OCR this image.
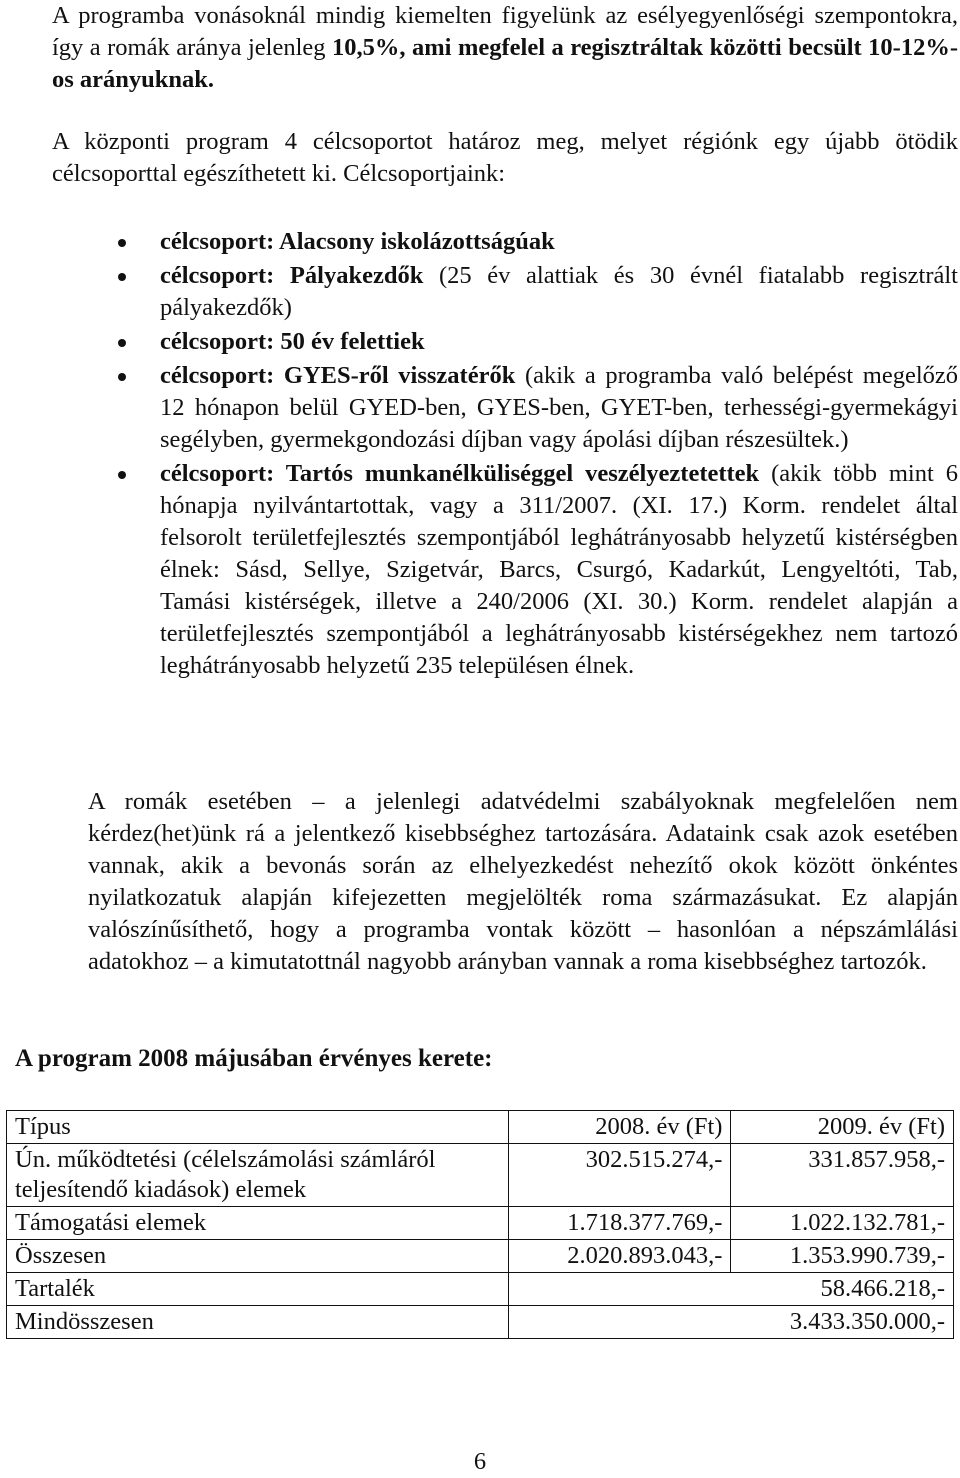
A programba vonásoknál mindig kiemelten figyelünk az esélyegyenlőségi szempontokra, így a romák aránya jelenleg 10,5%, ami megfelel a regisztráltak közötti becsült 10-12%-os arányuknak.
A központi program 4 célcsoportot határoz meg, melyet régiónk egy újabb ötödik célcsoporttal egészíthetett ki. Célcsoportjaink:
célcsoport: Alacsony iskolázottságúak
célcsoport: Pályakezdők (25 év alattiak és 30 évnél fiatalabb regisztrált pályakezdők)
célcsoport: 50 év felettiek
célcsoport: GYES-ről visszatérők (akik a programba való belépést megelőző 12 hónapon belül GYED-ben, GYES-ben, GYET-ben, terhességi-gyermekágyi segélyben, gyermekgondozási díjban vagy ápolási díjban részesültek.)
célcsoport: Tartós munkanélküliséggel veszélyeztetettek (akik több mint 6 hónapja nyilvántartottak, vagy a 311/2007. (XI. 17.) Korm. rendelet által felsorolt területfejlesztés szempontjából leghátrányosabb helyzetű kistérségben élnek: Sásd, Sellye, Szigetvár, Barcs, Csurgó, Kadarkút, Lengyeltóti, Tab, Tamási kistérségek, illetve a 240/2006 (XI. 30.) Korm. rendelet alapján a területfejlesztés szempontjából a leghátrányosabb kistérségekhez nem tartozó leghátrányosabb helyzetű 235 településen élnek.
A romák esetében – a jelenlegi adatvédelmi szabályoknak megfelelően nem kérdez(het)ünk rá a jelentkező kisebbséghez tartozására. Adataink csak azok esetében vannak, akik a bevonás során az elhelyezkedést nehezítő okok között önkéntes nyilatkozatuk alapján kifejezetten megjelölték roma származásukat. Ez alapján valószínűsíthető, hogy a programba vontak között – hasonlóan a népszámlálási adatokhoz – a kimutatottnál nagyobb arányban vannak a roma kisebbséghez tartozók.
A program 2008 májusában érvényes kerete:
Típus	2008. év (Ft)	2009. év (Ft)
Ún. működtetési (célelszámolási számláról teljesítendő kiadások) elemek	302.515.274,-	331.857.958,-
Támogatási elemek	1.718.377.769,-	1.022.132.781,-
Összesen	2.020.893.043,-	1.353.990.739,-
Tartalék	58.466.218,-	
Mindösszesen	3.433.350.000,-	
6
